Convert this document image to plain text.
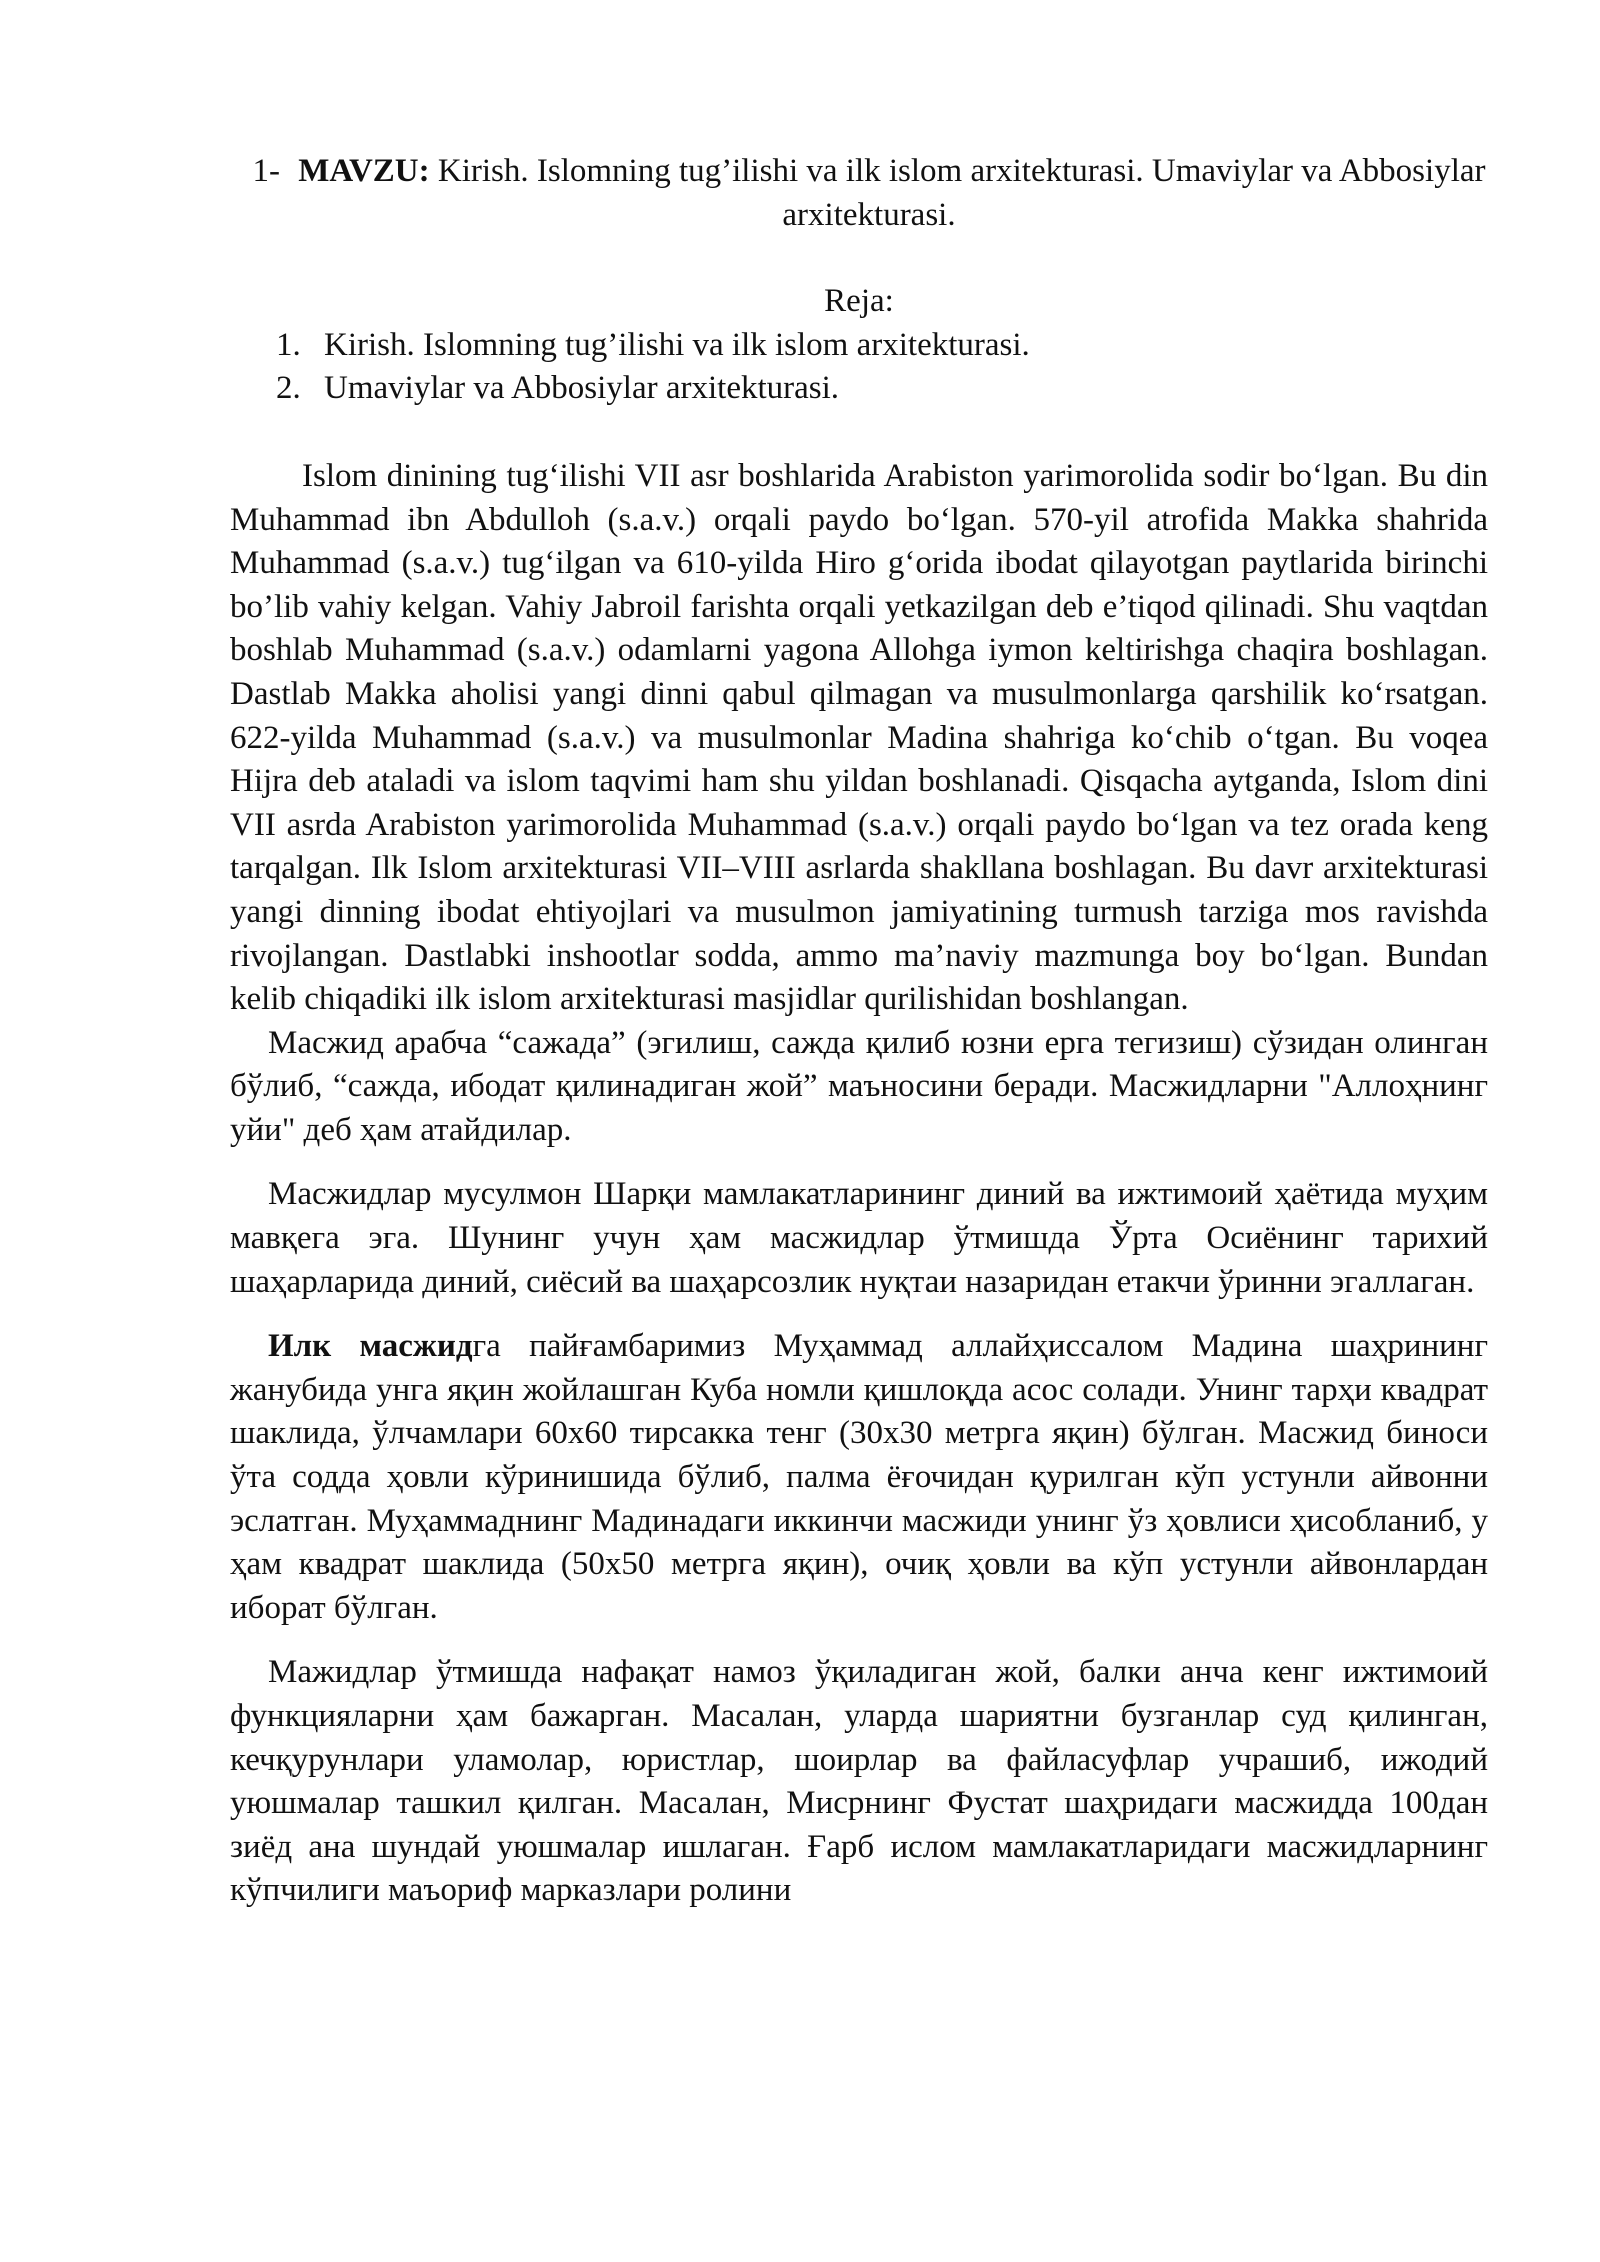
1- MAVZU: Kirish. Islomning tug’ilishi va ilk islom arxitekturasi. Umaviylar va Abbosiylar arxitekturasi.

Reja:

1. Kirish. Islomning tug’ilishi va ilk islom arxitekturasi.
2. Umaviylar va Abbosiylar arxitekturasi.

Islom dinining tug‘ilishi VII asr boshlarida Arabiston yarimorolida sodir bo‘lgan. Bu din Muhammad ibn Abdulloh (s.a.v.) orqali paydo bo‘lgan. 570-yil atrofida Makka shahrida Muhammad (s.a.v.) tug‘ilgan va 610-yilda Hiro g‘orida ibodat qilayotgan paytlarida birinchi bo’lib vahiy kelgan. Vahiy Jabroil farishta orqali yetkazilgan deb e’tiqod qilinadi. Shu vaqtdan boshlab Muhammad (s.a.v.) odamlarni yagona Allohga iymon keltirishga chaqira boshlagan. Dastlab Makka aholisi yangi dinni qabul qilmagan va musulmonlarga qarshilik ko‘rsatgan. 622-yilda Muhammad (s.a.v.) va musulmonlar Madina shahriga ko‘chib o‘tgan. Bu voqea Hijra deb ataladi va islom taqvimi ham shu yildan boshlanadi. Qisqacha aytganda, Islom dini VII asrda Arabiston yarimorolida Muhammad (s.a.v.) orqali paydo bo‘lgan va tez orada keng tarqalgan. Ilk Islom arxitekturasi VII–VIII asrlarda shakllana boshlagan. Bu davr arxitekturasi yangi dinning ibodat ehtiyojlari va musulmon jamiyatining turmush tarziga mos ravishda rivojlangan. Dastlabki inshootlar sodda, ammo ma’naviy mazmunga boy bo‘lgan. Bundan kelib chiqadiki ilk islom arxitekturasi masjidlar qurilishidan boshlangan.

Масжид арабча “сажада” (эгилиш, сажда қилиб юзни ерга тегизиш) сўзидан олинган бўлиб, “сажда, ибодат қилинадиган жой” маъносини беради. Масжидларни "Аллоҳнинг уйи" деб ҳам атайдилар.

Масжидлар мусулмон Шарқи мамлакатларининг диний ва ижтимоий ҳаётида муҳим мавқега эга. Шунинг учун ҳам масжидлар ўтмишда Ўрта Осиёнинг тарихий шаҳарларида диний, сиёсий ва шаҳарсозлик нуқтаи назаридан етакчи ўринни эгаллаган.

Илк масжидга пайғамбаримиз Муҳаммад аллайҳиссалом Мадина шаҳрининг жанубида унга яқин жойлашган Куба номли қишлоқда асос солади. Унинг тарҳи квадрат шаклида, ўлчамлари 60х60 тирсакка тенг (30х30 метрга яқин) бўлган. Масжид биноси ўта содда ҳовли кўринишида бўлиб, палма ёғочидан қурилган кўп устунли айвонни эслатган. Муҳаммаднинг Мадинадаги иккинчи масжиди унинг ўз ҳовлиси ҳисобланиб, у ҳам квадрат шаклида (50х50 метрга яқин), очиқ ҳовли ва кўп устунли айвонлардан иборат бўлган.

Мажидлар ўтмишда нафақат намоз ўқиладиган жой, балки анча кенг ижтимоий функцияларни ҳам бажарган. Масалан, уларда шариятни бузганлар суд қилинган, кечқурунлари уламолар, юристлар, шоирлар ва файласуфлар учрашиб, ижодий уюшмалар ташкил қилган. Масалан, Мисрнинг Фустат шаҳридаги масжидда 100дан зиёд ана шундай уюшмалар ишлаган. Ғарб ислом мамлакатларидаги масжидларнинг кўпчилиги маъориф марказлари ролини
